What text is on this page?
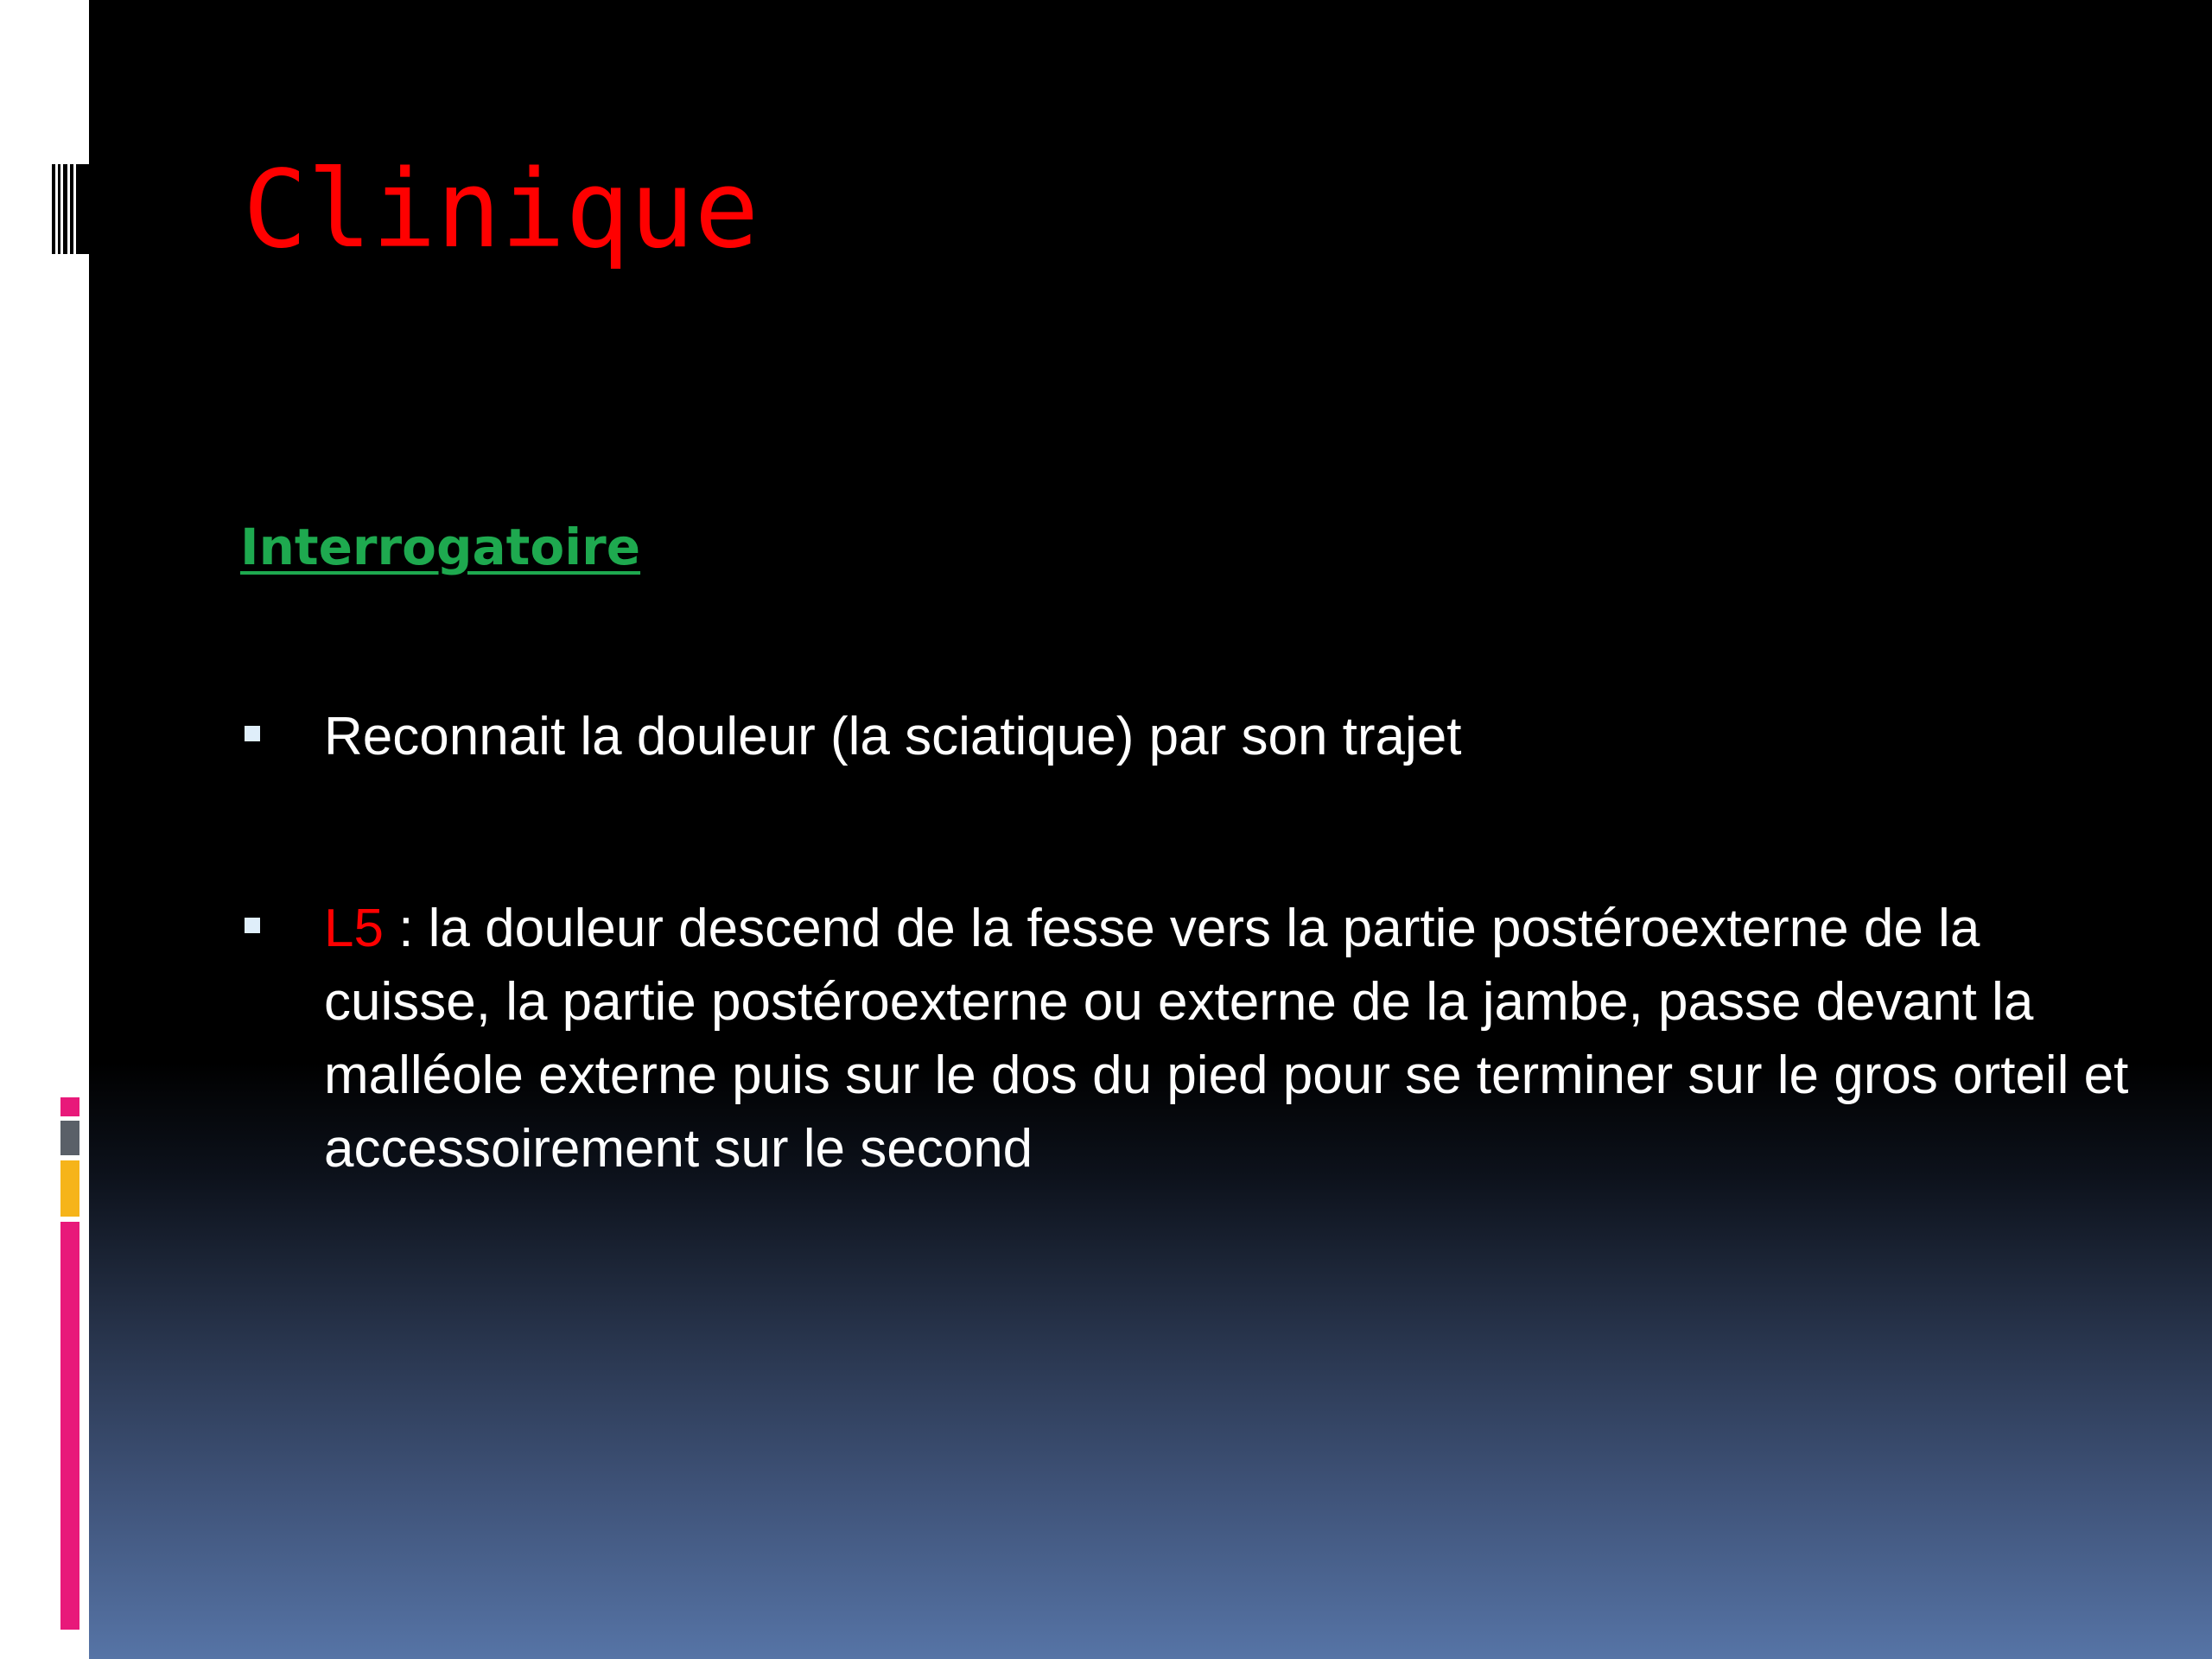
Clinique
Interrogatoire
Reconnait la douleur (la sciatique) par son trajet
L5 : la douleur descend de la fesse vers la partie postéroexterne de la cuisse, la partie postéroexterne ou externe de la jambe, passe devant la malléole externe puis sur le dos du pied pour se terminer sur le gros orteil et accessoirement sur le second
